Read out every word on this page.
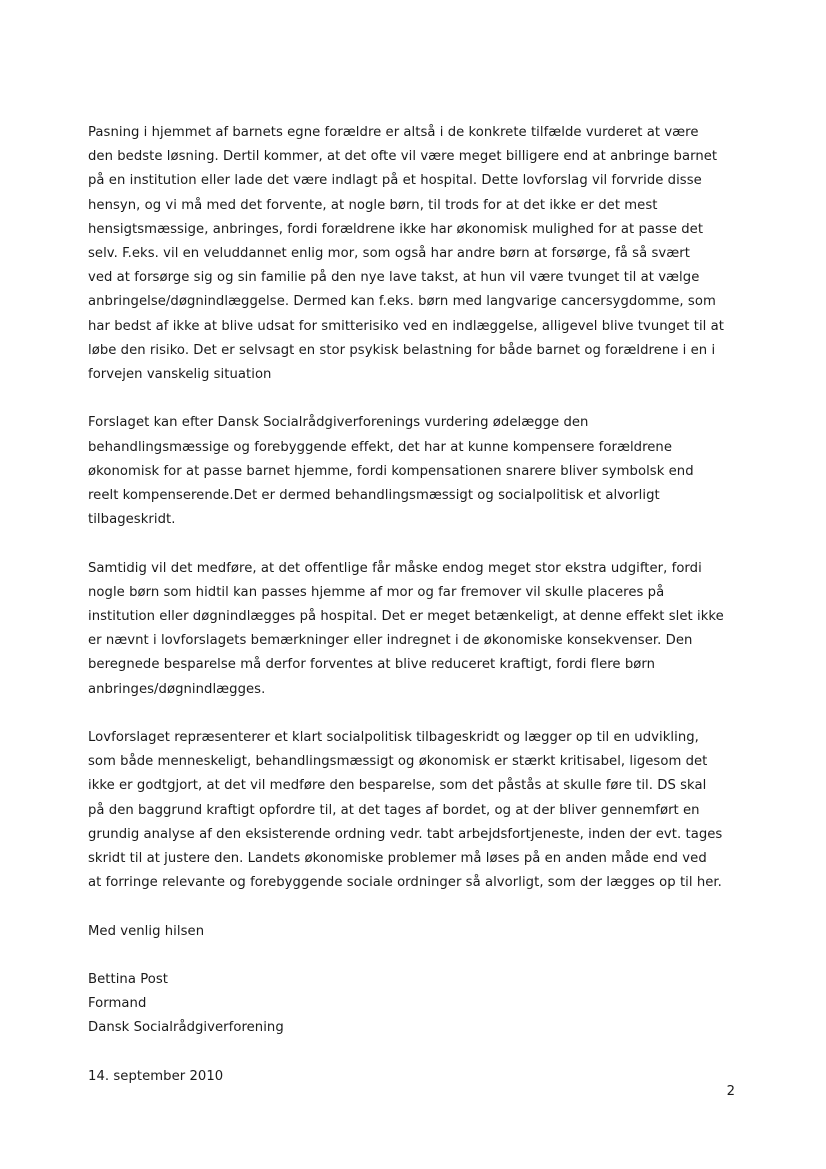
Pasning i hjemmet af barnets egne forældre er altså i de konkrete tilfælde vurderet at være
den bedste løsning. Dertil kommer, at det ofte vil være meget billigere end at anbringe barnet
på en institution eller lade det være indlagt på et hospital. Dette lovforslag vil forvride disse
hensyn, og vi må med det forvente, at nogle børn, til trods for at det ikke er det mest
hensigtsmæssige, anbringes, fordi forældrene ikke har økonomisk mulighed for at passe det
selv. F.eks. vil en veluddannet enlig mor, som også har andre børn at forsørge, få så svært
ved at forsørge sig og sin familie på den nye lave takst, at hun vil være tvunget til at vælge
anbringelse/døgnindlæggelse. Dermed kan f.eks. børn med langvarige cancersygdomme, som
har bedst af ikke at blive udsat for smitterisiko ved en indlæggelse, alligevel blive tvunget til at
løbe den risiko. Det er selvsagt en stor psykisk belastning for både barnet og forældrene i en i
forvejen vanskelig situation
Forslaget kan efter Dansk Socialrådgiverforenings vurdering ødelægge den
behandlingsmæssige og forebyggende effekt, det har at kunne kompensere forældrene
økonomisk for at passe barnet hjemme, fordi kompensationen snarere bliver symbolsk end
reelt kompenserende.Det er dermed behandlingsmæssigt og socialpolitisk et alvorligt
tilbageskridt.
Samtidig vil det medføre, at det offentlige får måske endog meget stor ekstra udgifter, fordi
nogle børn som hidtil kan passes hjemme af mor og far fremover vil skulle placeres på
institution eller døgnindlægges på hospital. Det er meget betænkeligt, at denne effekt slet ikke
er nævnt i lovforslagets bemærkninger eller indregnet i de økonomiske konsekvenser. Den
beregnede besparelse må derfor forventes at blive reduceret kraftigt, fordi flere børn
anbringes/døgnindlægges.
Lovforslaget repræsenterer et klart socialpolitisk tilbageskridt og lægger op til en udvikling,
som både menneskeligt, behandlingsmæssigt og økonomisk er stærkt kritisabel, ligesom det
ikke er godtgjort, at det vil medføre den besparelse, som det påstås at skulle føre til. DS skal
på den baggrund kraftigt opfordre til, at det tages af bordet, og at der bliver gennemført en
grundig analyse af den eksisterende ordning vedr. tabt arbejdsfortjeneste, inden der evt. tages
skridt til at justere den. Landets økonomiske problemer må løses på en anden måde end ved
at forringe relevante og forebyggende sociale ordninger så alvorligt, som der lægges op til her.
Med venlig hilsen
Bettina Post
Formand
Dansk Socialrådgiverforening
14. september 2010
2
